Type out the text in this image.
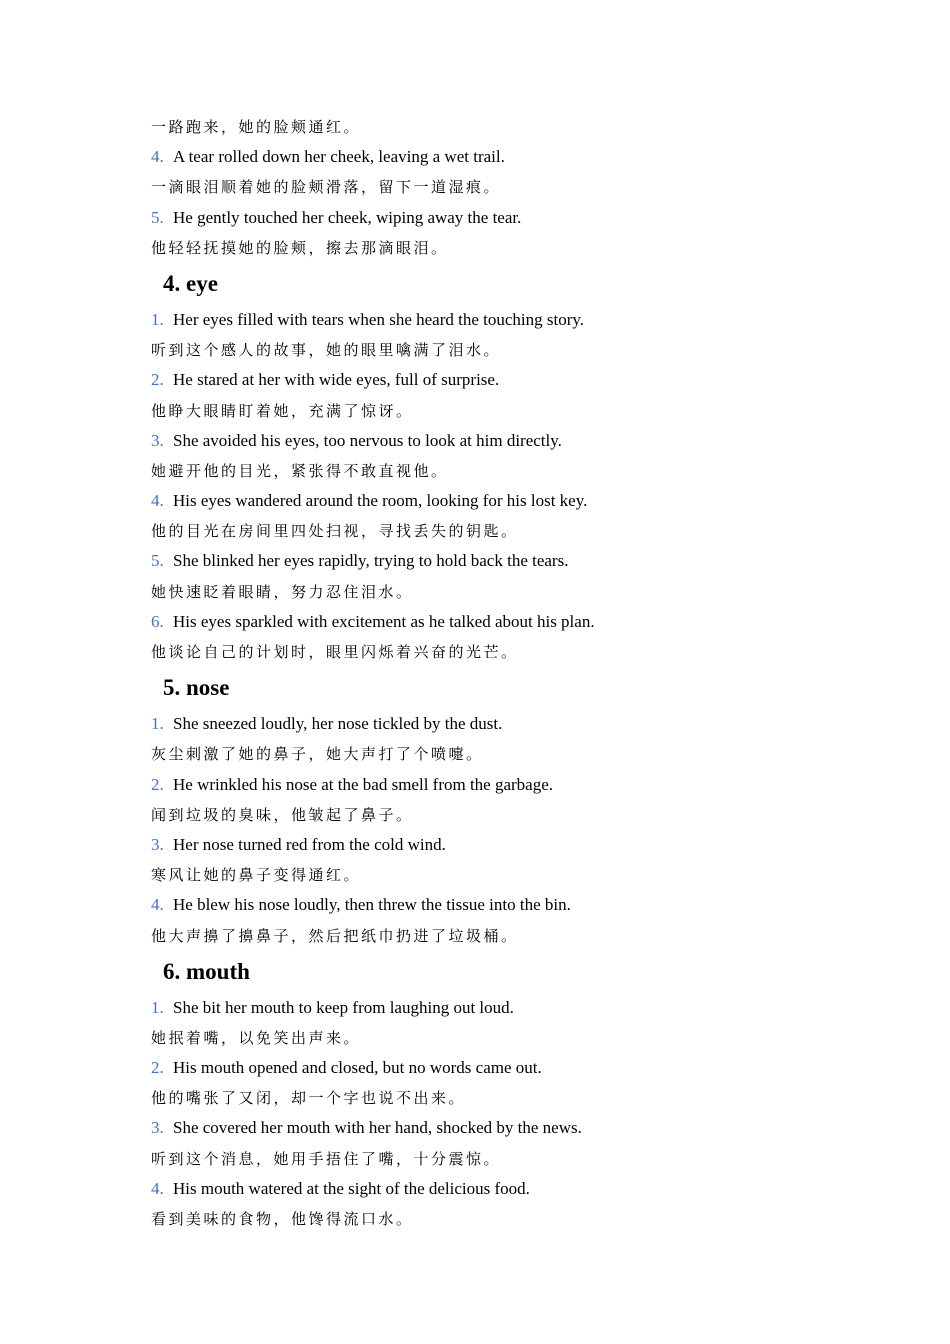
一路跑来，她的脸颊通红。
4. A tear rolled down her cheek, leaving a wet trail.
一滴眼泪顺着她的脸颊滑落，留下一道湿痕。
5. He gently touched her cheek, wiping away the tear.
他轻轻抚摸她的脸颊，擦去那滴眼泪。
4. eye
1. Her eyes filled with tears when she heard the touching story.
听到这个感人的故事，她的眼里噙满了泪水。
2. He stared at her with wide eyes, full of surprise.
他睁大眼睛盯着她，充满了惊讶。
3. She avoided his eyes, too nervous to look at him directly.
她避开他的目光，紧张得不敢直视他。
4. His eyes wandered around the room, looking for his lost key.
他的目光在房间里四处扫视，寻找丢失的钥匙。
5. She blinked her eyes rapidly, trying to hold back the tears.
她快速眨着眼睛，努力忍住泪水。
6. His eyes sparkled with excitement as he talked about his plan.
他谈论自己的计划时，眼里闪烁着兴奋的光芒。
5. nose
1. She sneezed loudly, her nose tickled by the dust.
灰尘刺激了她的鼻子，她大声打了个喷嚏。
2. He wrinkled his nose at the bad smell from the garbage.
闻到垃圾的臭味，他皱起了鼻子。
3. Her nose turned red from the cold wind.
寒风让她的鼻子变得通红。
4. He blew his nose loudly, then threw the tissue into the bin.
他大声擤了擤鼻子，然后把纸巾扔进了垃圾桶。
6. mouth
1. She bit her mouth to keep from laughing out loud.
她抿着嘴，以免笑出声来。
2. His mouth opened and closed, but no words came out.
他的嘴张了又闭，却一个字也说不出来。
3. She covered her mouth with her hand, shocked by the news.
听到这个消息，她用手捂住了嘴，十分震惊。
4. His mouth watered at the sight of the delicious food.
看到美味的食物，他馋得流口水。
